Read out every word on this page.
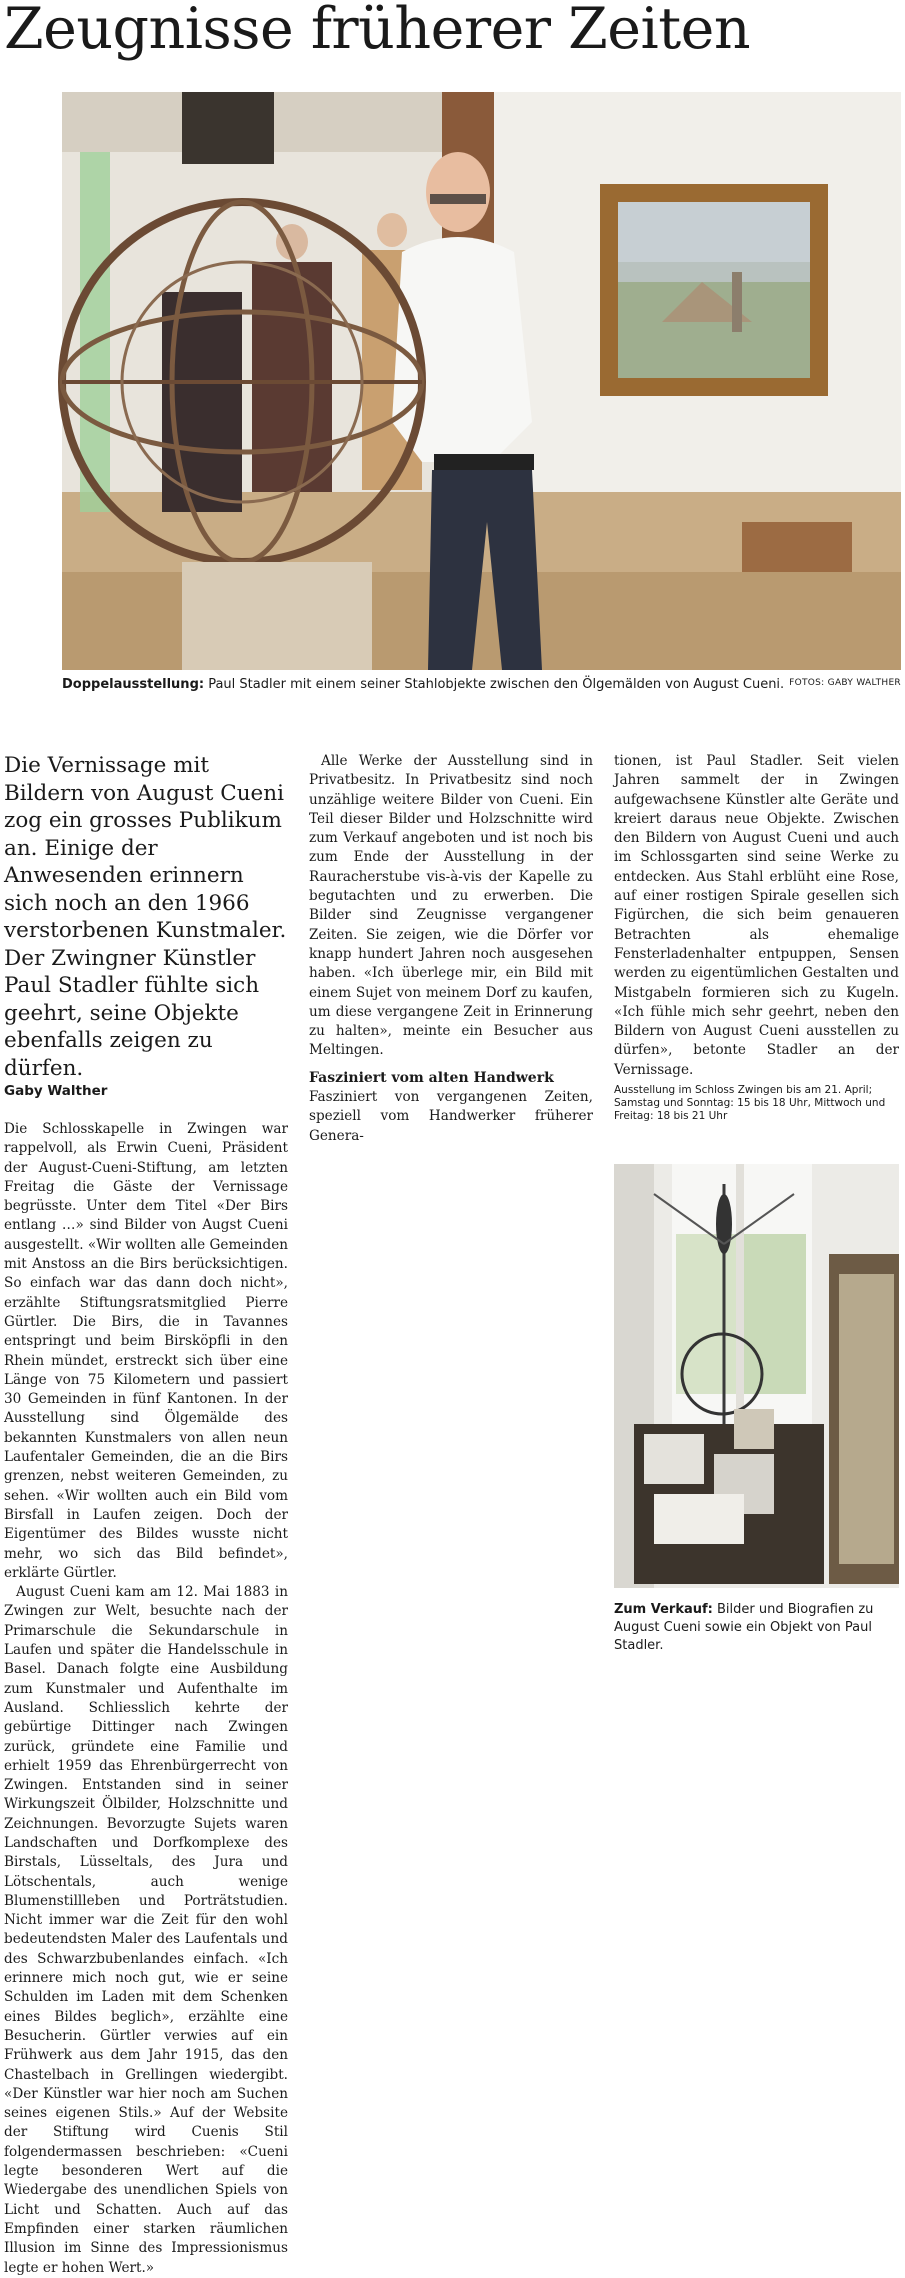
Zeugnisse früherer Zeiten
Doppelausstellung: Paul Stadler mit einem seiner Stahlobjekte zwischen den Ölgemälden von August Cueni. FOTOS: GABY WALTHER
Die Vernissage mit Bildern von August Cueni zog ein grosses Publikum an. Einige der Anwesenden erinnern sich noch an den 1966 verstorbenen Kunstmaler. Der Zwingner Künstler Paul Stadler fühlte sich geehrt, seine Objekte ebenfalls zeigen zu dürfen.
Gaby Walther

Die Schlosskapelle in Zwingen war rappelvoll, als Erwin Cueni, Präsident der August-Cueni-Stiftung, am letzten Freitag die Gäste der Vernissage begrüsste. Unter dem Titel «Der Birs entlang …» sind Bilder von Augst Cueni ausgestellt. «Wir wollten alle Gemeinden mit Anstoss an die Birs berücksichtigen. So einfach war das dann doch nicht», erzählte Stiftungsratsmitglied Pierre Gürtler. Die Birs, die in Tavannes entspringt und beim Birsköpfli in den Rhein mündet, erstreckt sich über eine Länge von 75 Kilometern und passiert 30 Gemeinden in fünf Kantonen. In der Ausstellung sind Ölgemälde des bekannten Kunstmalers von allen neun Laufentaler Gemeinden, die an die Birs grenzen, nebst weiteren Gemeinden, zu sehen. «Wir wollten auch ein Bild vom Birsfall in Laufen zeigen. Doch der Eigentümer des Bildes wusste nicht mehr, wo sich das Bild befindet», erklärte Gürtler.

August Cueni kam am 12. Mai 1883 in Zwingen zur Welt, besuchte nach der Primarschule die Sekundarschule in Laufen und später die Handelsschule in Basel. Danach folgte eine Ausbildung zum Kunstmaler und Aufenthalte im Ausland. Schliesslich kehrte der gebürtige Dittinger nach Zwingen zurück, gründete eine Familie und erhielt 1959 das Ehrenbürgerrecht von Zwingen. Entstanden sind in seiner Wirkungszeit Ölbilder, Holzschnitte und Zeichnungen. Bevorzugte Sujets waren Landschaften und Dorfkomplexe des Birstals, Lüsseltals, des Jura und Lötschentals, auch wenige Blumenstillleben und Porträtstudien. Nicht immer war die Zeit für den wohl bedeutendsten Maler des Laufentals und des Schwarzbubenlandes einfach. «Ich erinnere mich noch gut, wie er seine Schulden im Laden mit dem Schenken eines Bildes beglich», erzählte eine Besucherin. Gürtler verwies auf ein Frühwerk aus dem Jahr 1915, das den Chastelbach in Grellingen wiedergibt. «Der Künstler war hier noch am Suchen seines eigenen Stils.» Auf der Website der Stiftung wird Cuenis Stil folgendermassen beschrieben: «Cueni legte besonderen Wert auf die Wiedergabe des unendlichen Spiels von Licht und Schatten. Auch auf das Empfinden einer starken räumlichen Illusion im Sinne des Impressionismus legte er hohen Wert.»

Alle Werke der Ausstellung sind in Privatbesitz. In Privatbesitz sind noch unzählige weitere Bilder von Cueni. Ein Teil dieser Bilder und Holzschnitte wird zum Verkauf angeboten und ist noch bis zum Ende der Ausstellung in der Rauracherstube vis-à-vis der Kapelle zu begutachten und zu erwerben. Die Bilder sind Zeugnisse vergangener Zeiten. Sie zeigen, wie die Dörfer vor knapp hundert Jahren noch ausgesehen haben. «Ich überlege mir, ein Bild mit einem Sujet von meinem Dorf zu kaufen, um diese vergangene Zeit in Erinnerung zu halten», meinte ein Besucher aus Meltingen.

Fasziniert vom alten Handwerk

Fasziniert von vergangenen Zeiten, speziell vom Handwerker früherer Genera-

tionen, ist Paul Stadler. Seit vielen Jahren sammelt der in Zwingen aufgewachsene Künstler alte Geräte und kreiert daraus neue Objekte. Zwischen den Bildern von August Cueni und auch im Schlossgarten sind seine Werke zu entdecken. Aus Stahl erblüht eine Rose, auf einer rostigen Spirale gesellen sich Figürchen, die sich beim genaueren Betrachten als ehemalige Fensterladenhalter entpuppen, Sensen werden zu eigentümlichen Gestalten und Mistgabeln formieren sich zu Kugeln. «Ich fühle mich sehr geehrt, neben den Bildern von August Cueni ausstellen zu dürfen», betonte Stadler an der Vernissage.

Ausstellung im Schloss Zwingen bis am 21. April; Samstag und Sonntag: 15 bis 18 Uhr, Mittwoch und Freitag: 18 bis 21 Uhr
Zum Verkauf: Bilder und Biografien zu August Cueni sowie ein Objekt von Paul Stadler.
